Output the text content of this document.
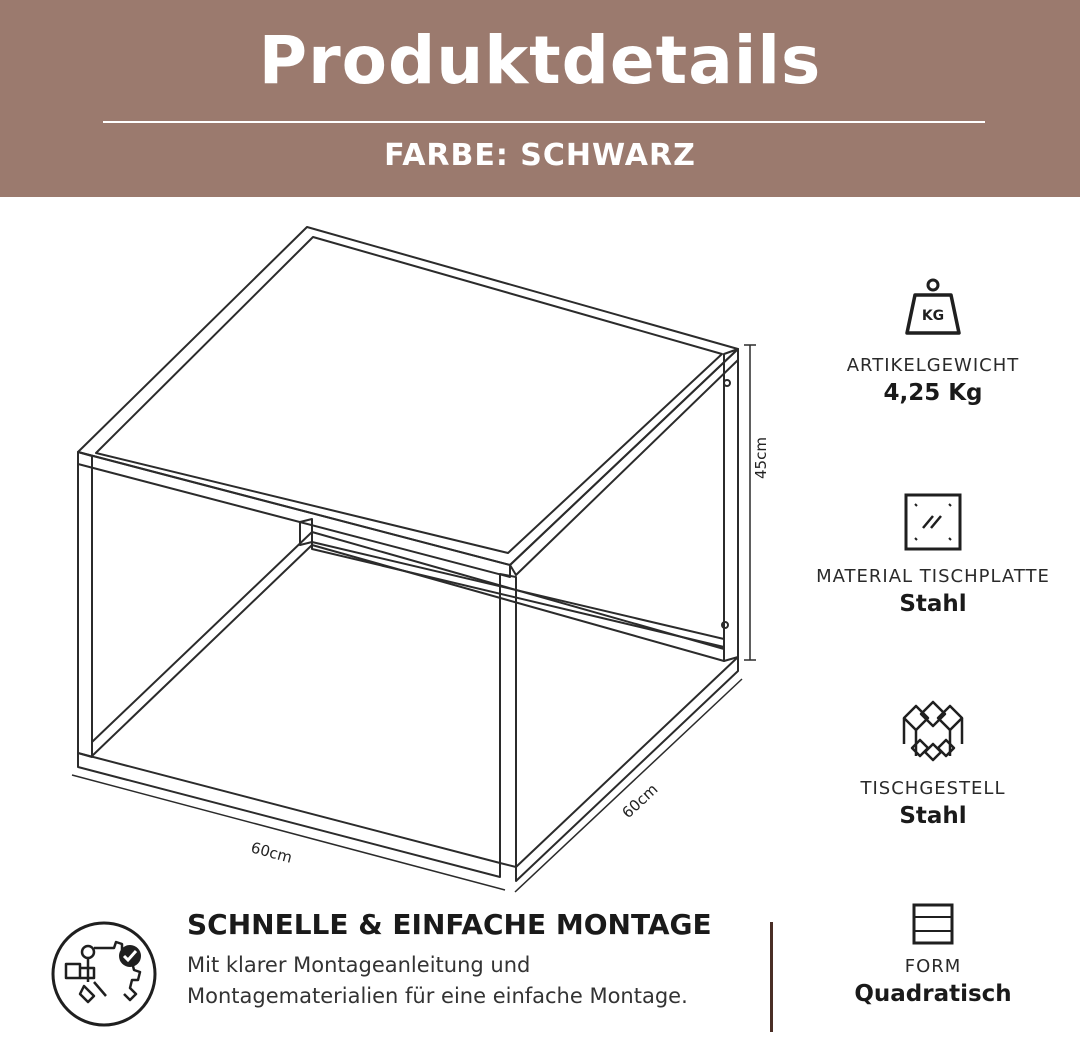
Produktdetails
FARBE: SCHWARZ
45cm
60cm
60cm
KG
ARTIKELGEWICHT
4,25 Kg
MATERIAL TISCHPLATTE
Stahl
TISCHGESTELL
Stahl
FORM
Quadratisch
SCHNELLE & EINFACHE MONTAGE
Mit klarer Montageanleitung und Montagematerialien für eine einfache Montage.
